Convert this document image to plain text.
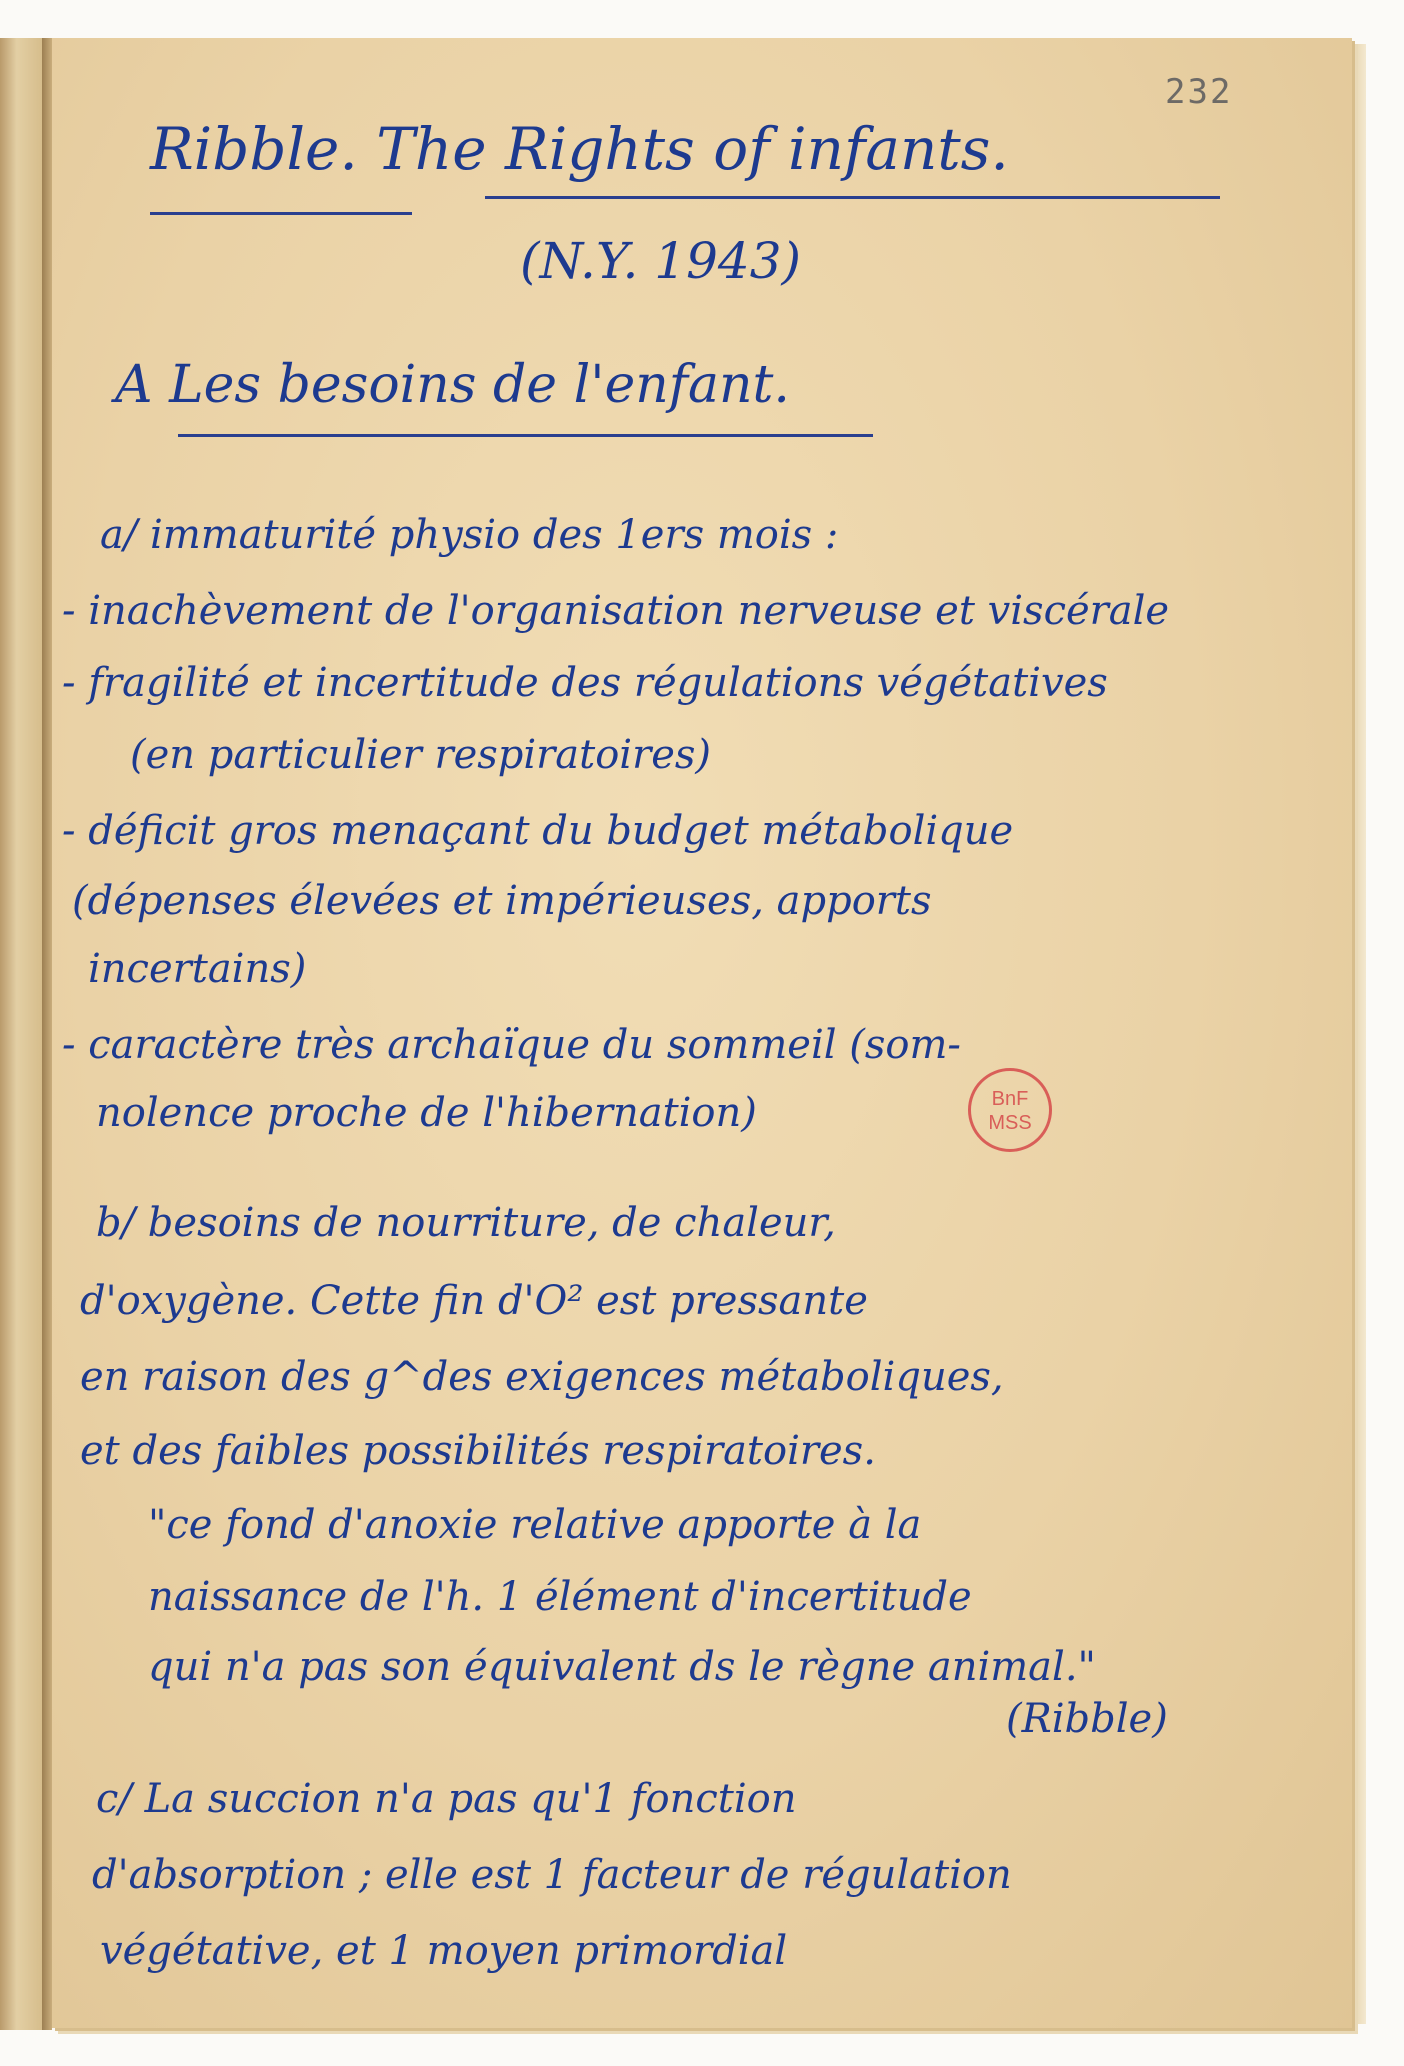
232
Ribble. The Rights of infants.
(N.Y. 1943)
A Les besoins de l'enfant.
a/ immaturité physio des 1ers mois :
- inachèvement de l'organisation nerveuse et viscérale
- fragilité et incertitude des régulations végétatives
(en particulier respiratoires)
- déficit gros menaçant du budget métabolique
(dépenses élevées et impérieuses, apports
incertains)
- caractère très archaïque du sommeil (som-
nolence proche de l'hibernation)
b/ besoins de nourriture, de chaleur,
d'oxygène. Cette fin d'O² est pressante
en raison des g^des exigences métaboliques,
et des faibles possibilités respiratoires.
"ce fond d'anoxie relative apporte à la
naissance de l'h. 1 élément d'incertitude
qui n'a pas son équivalent ds le règne animal."
(Ribble)
c/ La succion n'a pas qu'1 fonction
d'absorption ; elle est 1 facteur de régulation
végétative, et 1 moyen primordial
BnF
MSS
